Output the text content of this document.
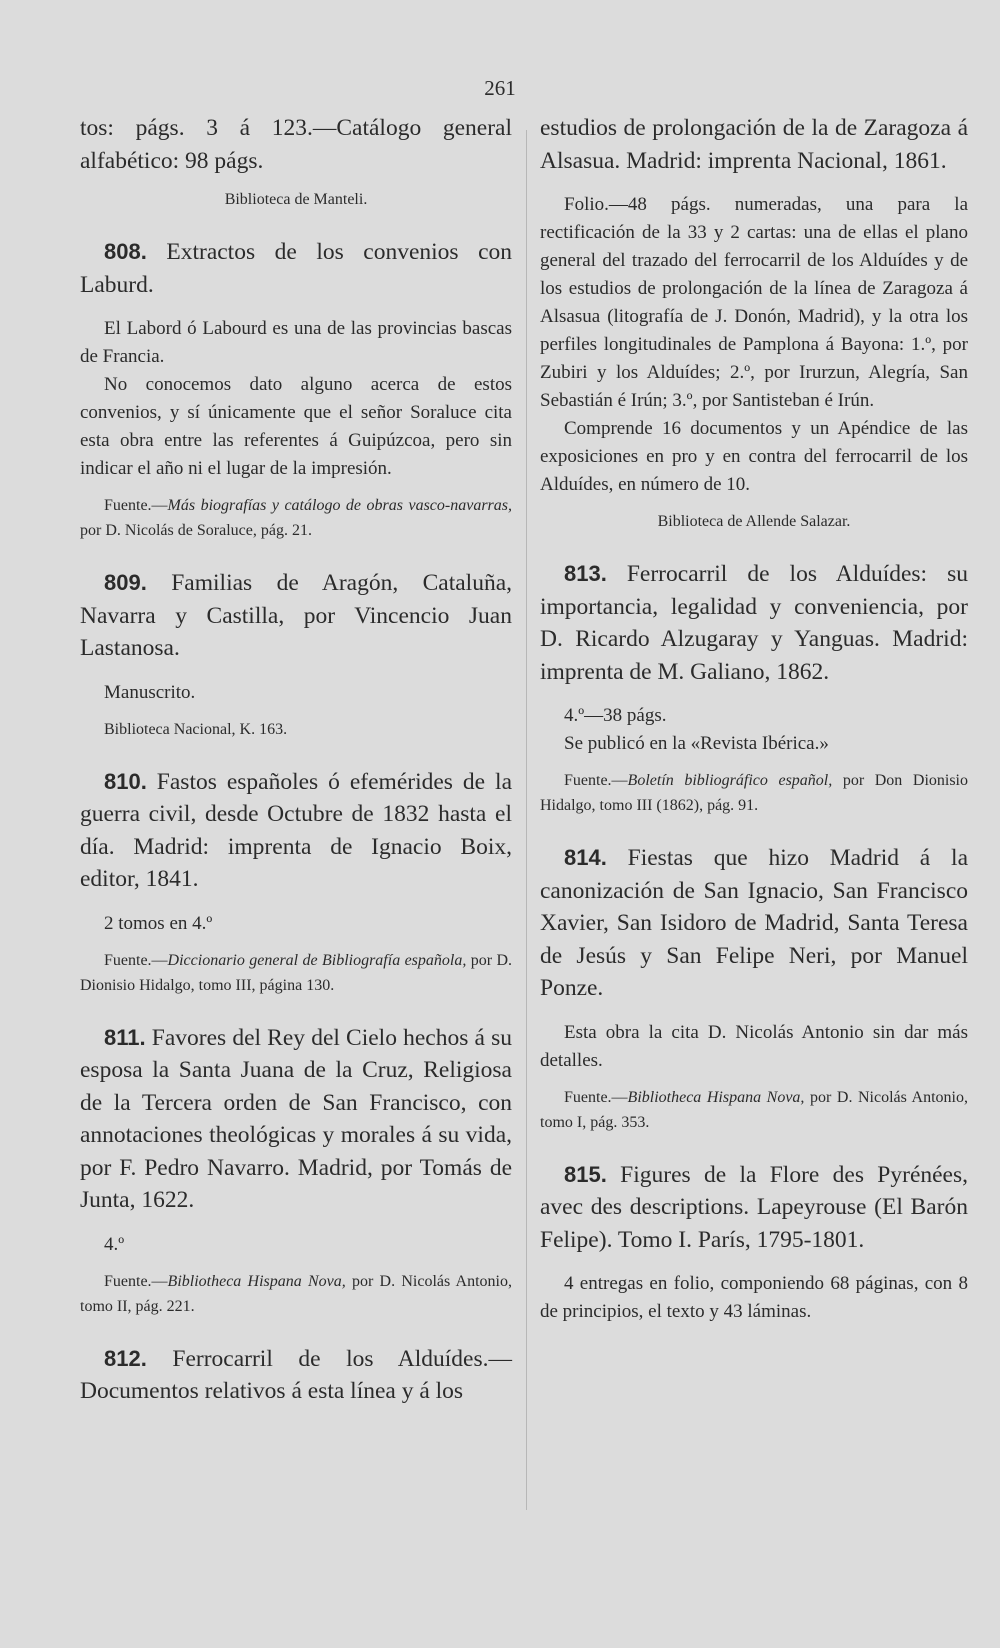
261

tos: págs. 3 á 123.—Catálogo general alfabético: 98 págs.

Biblioteca de Manteli.

808. Extractos de los convenios con Laburd.

El Labord ó Labourd es una de las provincias bascas de Francia.

No conocemos dato alguno acerca de estos convenios, y sí únicamente que el señor Soraluce cita esta obra entre las referentes á Guipúzcoa, pero sin indicar el año ni el lugar de la impresión.

Fuente.—Más biografías y catálogo de obras vasco-navarras, por D. Nicolás de Soraluce, pág. 21.

809. Familias de Aragón, Cataluña, Navarra y Castilla, por Vincencio Juan Lastanosa.

Manuscrito.

Biblioteca Nacional, K. 163.

810. Fastos españoles ó efemérides de la guerra civil, desde Octubre de 1832 hasta el día. Madrid: imprenta de Ignacio Boix, editor, 1841.

2 tomos en 4.º

Fuente.—Diccionario general de Bibliografía española, por D. Dionisio Hidalgo, tomo III, página 130.

811. Favores del Rey del Cielo hechos á su esposa la Santa Juana de la Cruz, Religiosa de la Tercera orden de San Francisco, con annotaciones theológicas y morales á su vida, por F. Pedro Navarro. Madrid, por Tomás de Junta, 1622.

4.º

Fuente.—Bibliotheca Hispana Nova, por D. Nicolás Antonio, tomo II, pág. 221.

812. Ferrocarril de los Alduídes.—Documentos relativos á esta línea y á los

estudios de prolongación de la de Zaragoza á Alsasua. Madrid: imprenta Nacional, 1861.

Folio.—48 págs. numeradas, una para la rectificación de la 33 y 2 cartas: una de ellas el plano general del trazado del ferrocarril de los Alduídes y de los estudios de prolongación de la línea de Zaragoza á Alsasua (litografía de J. Donón, Madrid), y la otra los perfiles longitudinales de Pamplona á Bayona: 1.º, por Zubiri y los Alduídes; 2.º, por Irurzun, Alegría, San Sebastián é Irún; 3.º, por Santisteban é Irún.

Comprende 16 documentos y un Apéndice de las exposiciones en pro y en contra del ferrocarril de los Alduídes, en número de 10.

Biblioteca de Allende Salazar.

813. Ferrocarril de los Alduídes: su importancia, legalidad y conveniencia, por D. Ricardo Alzugaray y Yanguas. Madrid: imprenta de M. Galiano, 1862.

4.º—38 págs.

Se publicó en la «Revista Ibérica.»

Fuente.—Boletín bibliográfico español, por Don Dionisio Hidalgo, tomo III (1862), pág. 91.

814. Fiestas que hizo Madrid á la canonización de San Ignacio, San Francisco Xavier, San Isidoro de Madrid, Santa Teresa de Jesús y San Felipe Neri, por Manuel Ponze.

Esta obra la cita D. Nicolás Antonio sin dar más detalles.

Fuente.—Bibliotheca Hispana Nova, por D. Nicolás Antonio, tomo I, pág. 353.

815. Figures de la Flore des Pyrénées, avec des descriptions. Lapeyrouse (El Barón Felipe). Tomo I. París, 1795-1801.

4 entregas en folio, componiendo 68 páginas, con 8 de principios, el texto y 43 láminas.
